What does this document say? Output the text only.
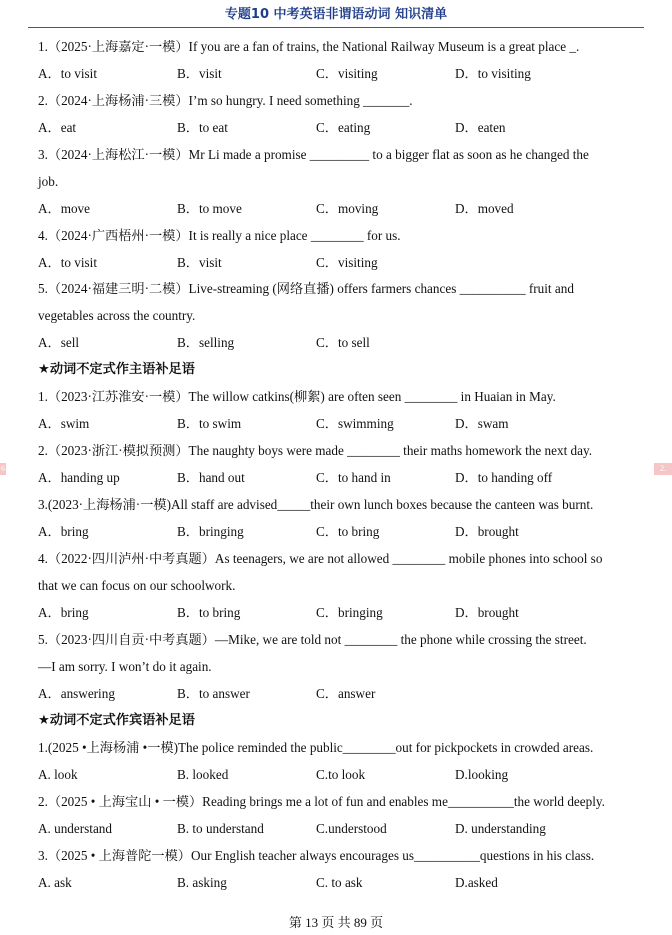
专题10 中考英语非谓语动词 知识清单
6	2.
1.（2025·上海嘉定·一模）If you are a fan of trains, the National Railway Museum is a great place _.
A．to visit	B．visit	C．visiting	D．to visiting
2.（2024·上海杨浦·三模）I’m so hungry. I need something _______.
A．eat	B．to eat	C．eating	D．eaten
3.（2024·上海松江·一模）Mr Li made a promise _________ to a bigger flat as soon as he changed the
job.
A．move	B．to move	C．moving	D．moved
4.（2024·广西梧州·一模）It is really a nice place ________ for us.
A．to visit	B．visit	C．visiting
5.（2024·福建三明·二模）Live-streaming (网络直播) offers farmers chances __________ fruit and
vegetables across the country.
A．sell	B．selling	C．to sell
★动词不定式作主语补足语
1.（2023·江苏淮安·一模）The willow catkins(柳絮) are often seen ________ in Huaian in May.
A．swim	B．to swim	C．swimming	D．swam
2.（2023·浙江·模拟预测）The naughty boys were made ________ their maths homework the next day.
A．handing up	B．hand out	C．to hand in	D．to handing off
3.(2023·上海杨浦·一模)All staff are advised_____their own lunch boxes because the canteen was burnt.
A．bring	B．bringing	C．to bring	D．brought
4.（2022·四川泸州·中考真题）As teenagers, we are not allowed ________ mobile phones into school so
that we can focus on our schoolwork.
A．bring	B．to bring	C．bringing	D．brought
5.（2023·四川自贡·中考真题）—Mike, we are told not ________ the phone while crossing the street.
—I am sorry. I won’t do it again.
A．answering	B．to answer	C．answer
★动词不定式作宾语补足语
1.(2025 •上海杨浦 •一模)The police reminded the public________out for pickpockets in crowded areas.
A. look	B. looked	C.to look	D.looking
2.（2025 • 上海宝山 • 一模）Reading brings me a lot of fun and enables me__________the world deeply.
A. understand	B. to understand	C.understood	D. understanding
3.（2025 • 上海普陀一模）Our English teacher always encourages us__________questions in his class.
A. ask	B. asking	C. to ask	D.asked
第 13 页 共 89 页
